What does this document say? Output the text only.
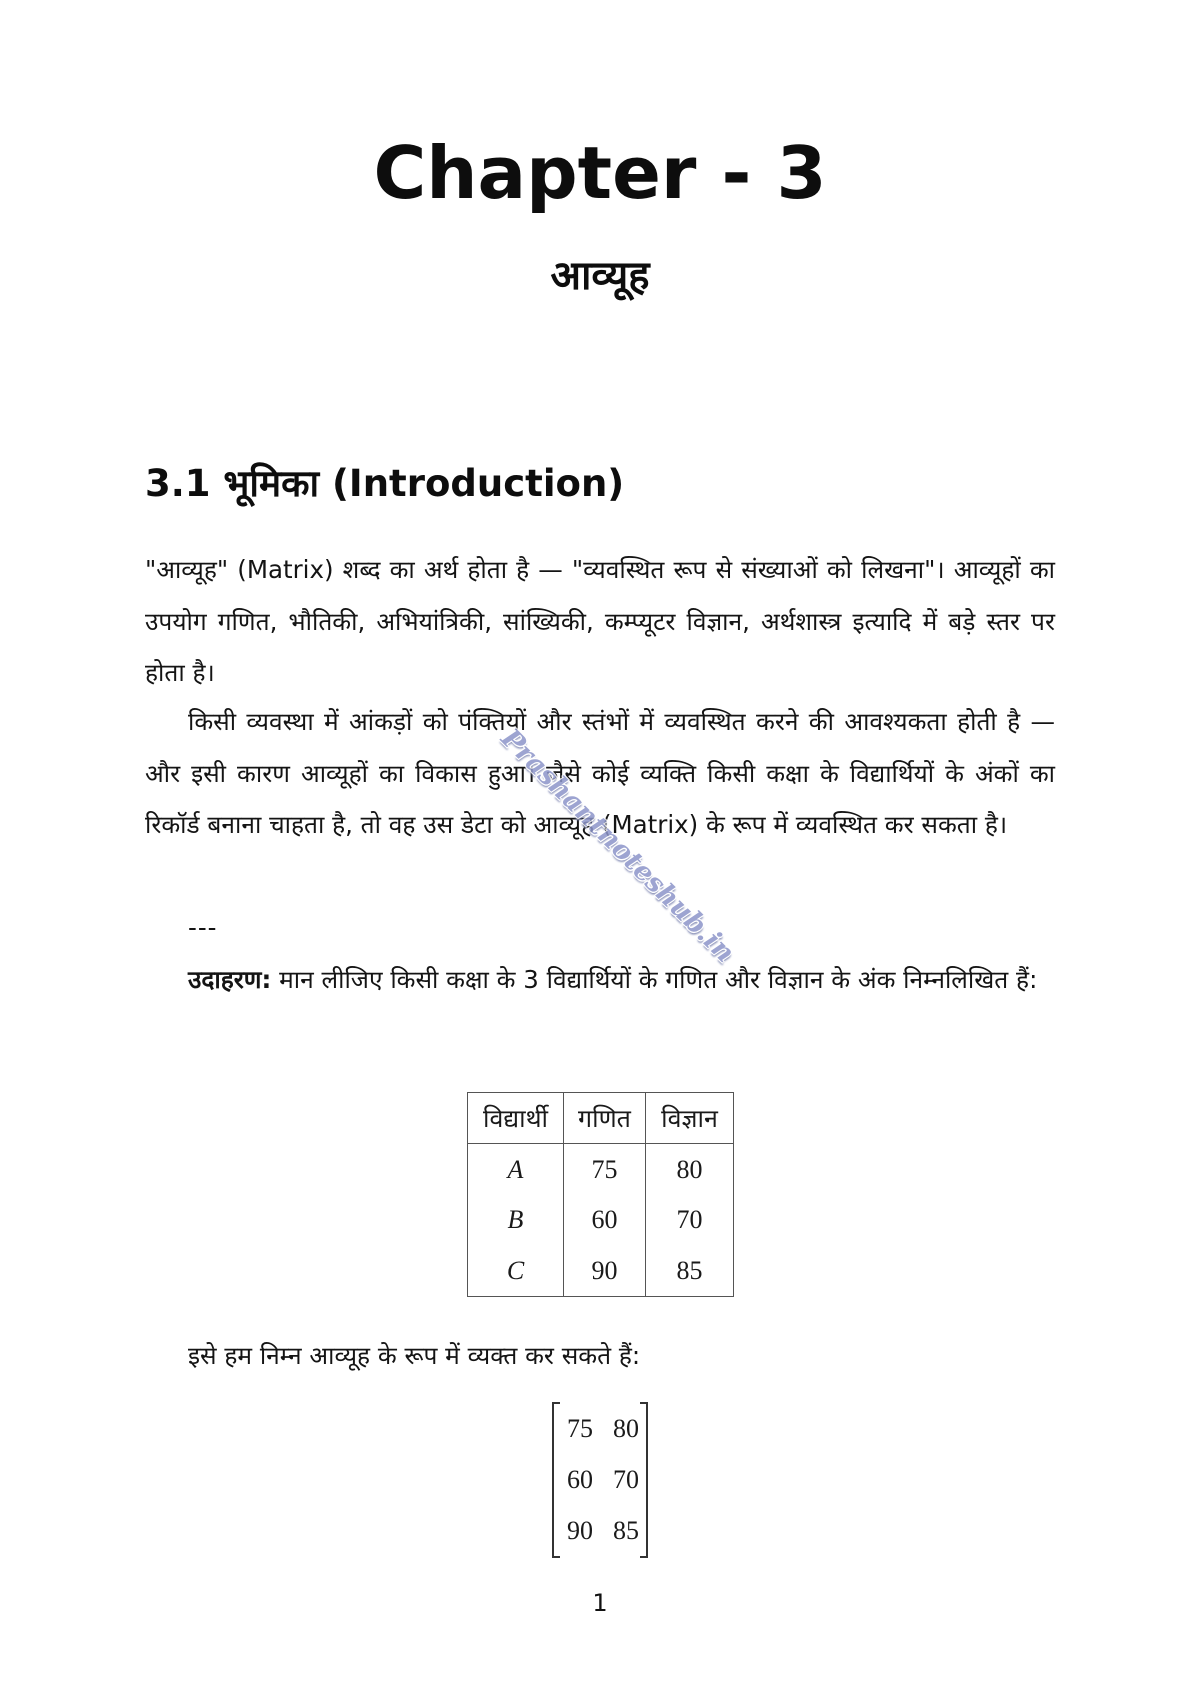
Chapter - 3
आव्यूह
3.1 भूमिका (Introduction)

"आव्यूह" (Matrix) शब्द का अर्थ होता है — "व्यवस्थित रूप से संख्याओं को लिखना"। आव्यूहों का उपयोग गणित, भौतिकी, अभियांत्रिकी, सांख्यिकी, कम्प्यूटर विज्ञान, अर्थशास्त्र इत्यादि में बड़े स्तर पर होता है।

किसी व्यवस्था में आंकड़ों को पंक्तियों और स्तंभों में व्यवस्थित करने की आवश्यकता होती है — और इसी कारण आव्यूहों का विकास हुआ। जैसे कोई व्यक्ति किसी कक्षा के विद्यार्थियों के अंकों का रिकॉर्ड बनाना चाहता है, तो वह उस डेटा को आव्यूह (Matrix) के रूप में व्यवस्थित कर सकता है।

---

उदाहरण: मान लीजिए किसी कक्षा के 3 विद्यार्थियों के गणित और विज्ञान के अंक निम्नलिखित हैं:

विद्यार्थी	गणित	विज्ञान
A	75	80
B	60	70
C	90	85

इसे हम निम्न आव्यूह के रूप में व्यक्त कर सकते हैं:

75 80
60 70
90 85
1
Prashantnoteshub.in
